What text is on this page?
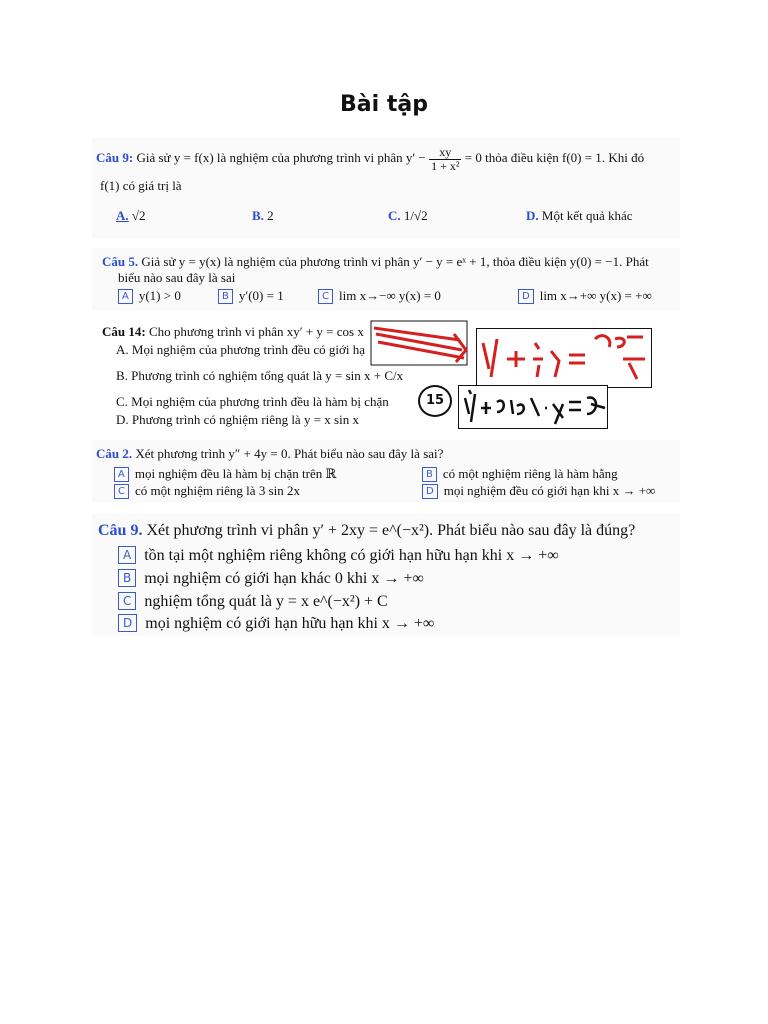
Bài tập
Câu 9: Giả sử y = f(x) là nghiệm của phương trình vi phân $y' - \frac{xy}{\text{1 + x²}} = 0$ thỏa điều kiện f(0) = 1. Khi đó
f(1) có giá trị là
A. √2	B. 2	C. 1/√2	D. Một kết quả khác
Câu 5. Giả sử y = y(x) là nghiệm của phương trình vi phân y′ − y = eˣ + 1, thỏa điều kiện y(0) = −1. Phát
biểu nào sau đây là sai
A y(1) > 0	B y′(0) = 1	C lim x→−∞ y(x) = 0	D lim x→+∞ y(x) = +∞
Câu 14: Cho phương trình vi phân xy′ + y = cos x
A. Mọi nghiệm của phương trình đều có giới hạ
B. Phương trình có nghiệm tổng quát là y = sin x + C/x
C. Mọi nghiệm của phương trình đều là hàm bị chặn
D. Phương trình có nghiệm riêng là y = x sin x
15
Câu 2. Xét phương trình y″ + 4y = 0. Phát biểu nào sau đây là sai?
A mọi nghiệm đều là hàm bị chặn trên ℝ	B có một nghiệm riêng là hàm hằng
C có một nghiệm riêng là 3 sin 2x	D mọi nghiệm đều có giới hạn khi x → +∞
Câu 9. Xét phương trình vi phân y′ + 2xy = e^(−x²). Phát biểu nào sau đây là đúng?
A tồn tại một nghiệm riêng không có giới hạn hữu hạn khi x → +∞
B mọi nghiệm có giới hạn khác 0 khi x → +∞
C nghiệm tổng quát là y = x e^(−x²) + C
D mọi nghiệm có giới hạn hữu hạn khi x → +∞
